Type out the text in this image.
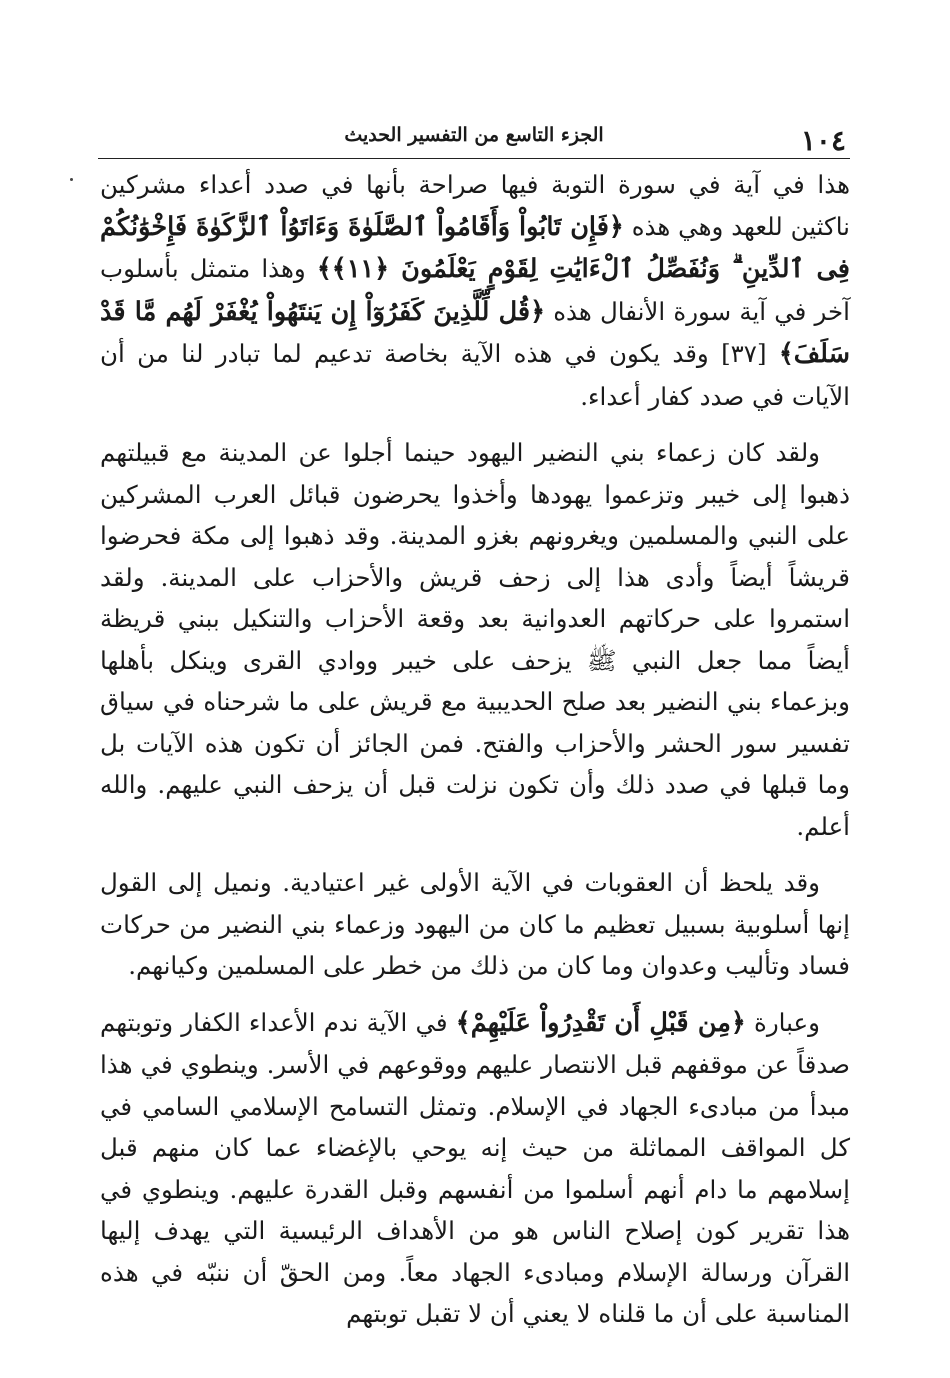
١٠٤
الجزء التاسع من التفسير الحديث

هذا في آية في سورة التوبة فيها صراحة بأنها في صدد أعداء مشركين ناكثين للعهد وهي هذه ﴿فَإِن تَابُواْ وَأَقَامُواْ ٱلصَّلَوٰةَ وَءَاتَوُاْ ٱلزَّكَوٰةَ فَإِخْوَٰنُكُمْ فِى ٱلدِّينِ ۗ وَنُفَصِّلُ ٱلْءَايَٰتِ لِقَوْمٍ يَعْلَمُونَ ﴿١١﴾﴾ وهذا متمثل بأسلوب آخر في آية سورة الأنفال هذه ﴿قُل لِّلَّذِينَ كَفَرُوٓاْ إِن يَنتَهُواْ يُغْفَرْ لَهُم مَّا قَدْ سَلَفَ﴾ [٣٧] وقد يكون في هذه الآية بخاصة تدعيم لما تبادر لنا من أن الآيات في صدد كفار أعداء.

ولقد كان زعماء بني النضير اليهود حينما أجلوا عن المدينة مع قبيلتهم ذهبوا إلى خيبر وتزعموا يهودها وأخذوا يحرضون قبائل العرب المشركين على النبي والمسلمين ويغرونهم بغزو المدينة. وقد ذهبوا إلى مكة فحرضوا قريشاً أيضاً وأدى هذا إلى زحف قريش والأحزاب على المدينة. ولقد استمروا على حركاتهم العدوانية بعد وقعة الأحزاب والتنكيل ببني قريظة أيضاً مما جعل النبي ﷺ يزحف على خيبر ووادي القرى وينكل بأهلها وبزعماء بني النضير بعد صلح الحديبية مع قريش على ما شرحناه في سياق تفسير سور الحشر والأحزاب والفتح. فمن الجائز أن تكون هذه الآيات بل وما قبلها في صدد ذلك وأن تكون نزلت قبل أن يزحف النبي عليهم. والله أعلم.

وقد يلحظ أن العقوبات في الآية الأولى غير اعتيادية. ونميل إلى القول إنها أسلوبية بسبيل تعظيم ما كان من اليهود وزعماء بني النضير من حركات فساد وتأليب وعدوان وما كان من ذلك من خطر على المسلمين وكيانهم.

وعبارة ﴿مِن قَبْلِ أَن تَقْدِرُواْ عَلَيْهِمْ﴾ في الآية ندم الأعداء الكفار وتوبتهم صدقاً عن موقفهم قبل الانتصار عليهم ووقوعهم في الأسر. وينطوي في هذا مبدأ من مبادىء الجهاد في الإسلام. وتمثل التسامح الإسلامي السامي في كل المواقف المماثلة من حيث إنه يوحي بالإغضاء عما كان منهم قبل إسلامهم ما دام أنهم أسلموا من أنفسهم وقبل القدرة عليهم. وينطوي في هذا تقرير كون إصلاح الناس هو من الأهداف الرئيسية التي يهدف إليها القرآن ورسالة الإسلام ومبادىء الجهاد معاً. ومن الحقّ أن ننبّه في هذه المناسبة على أن ما قلناه لا يعني أن لا تقبل توبتهم
